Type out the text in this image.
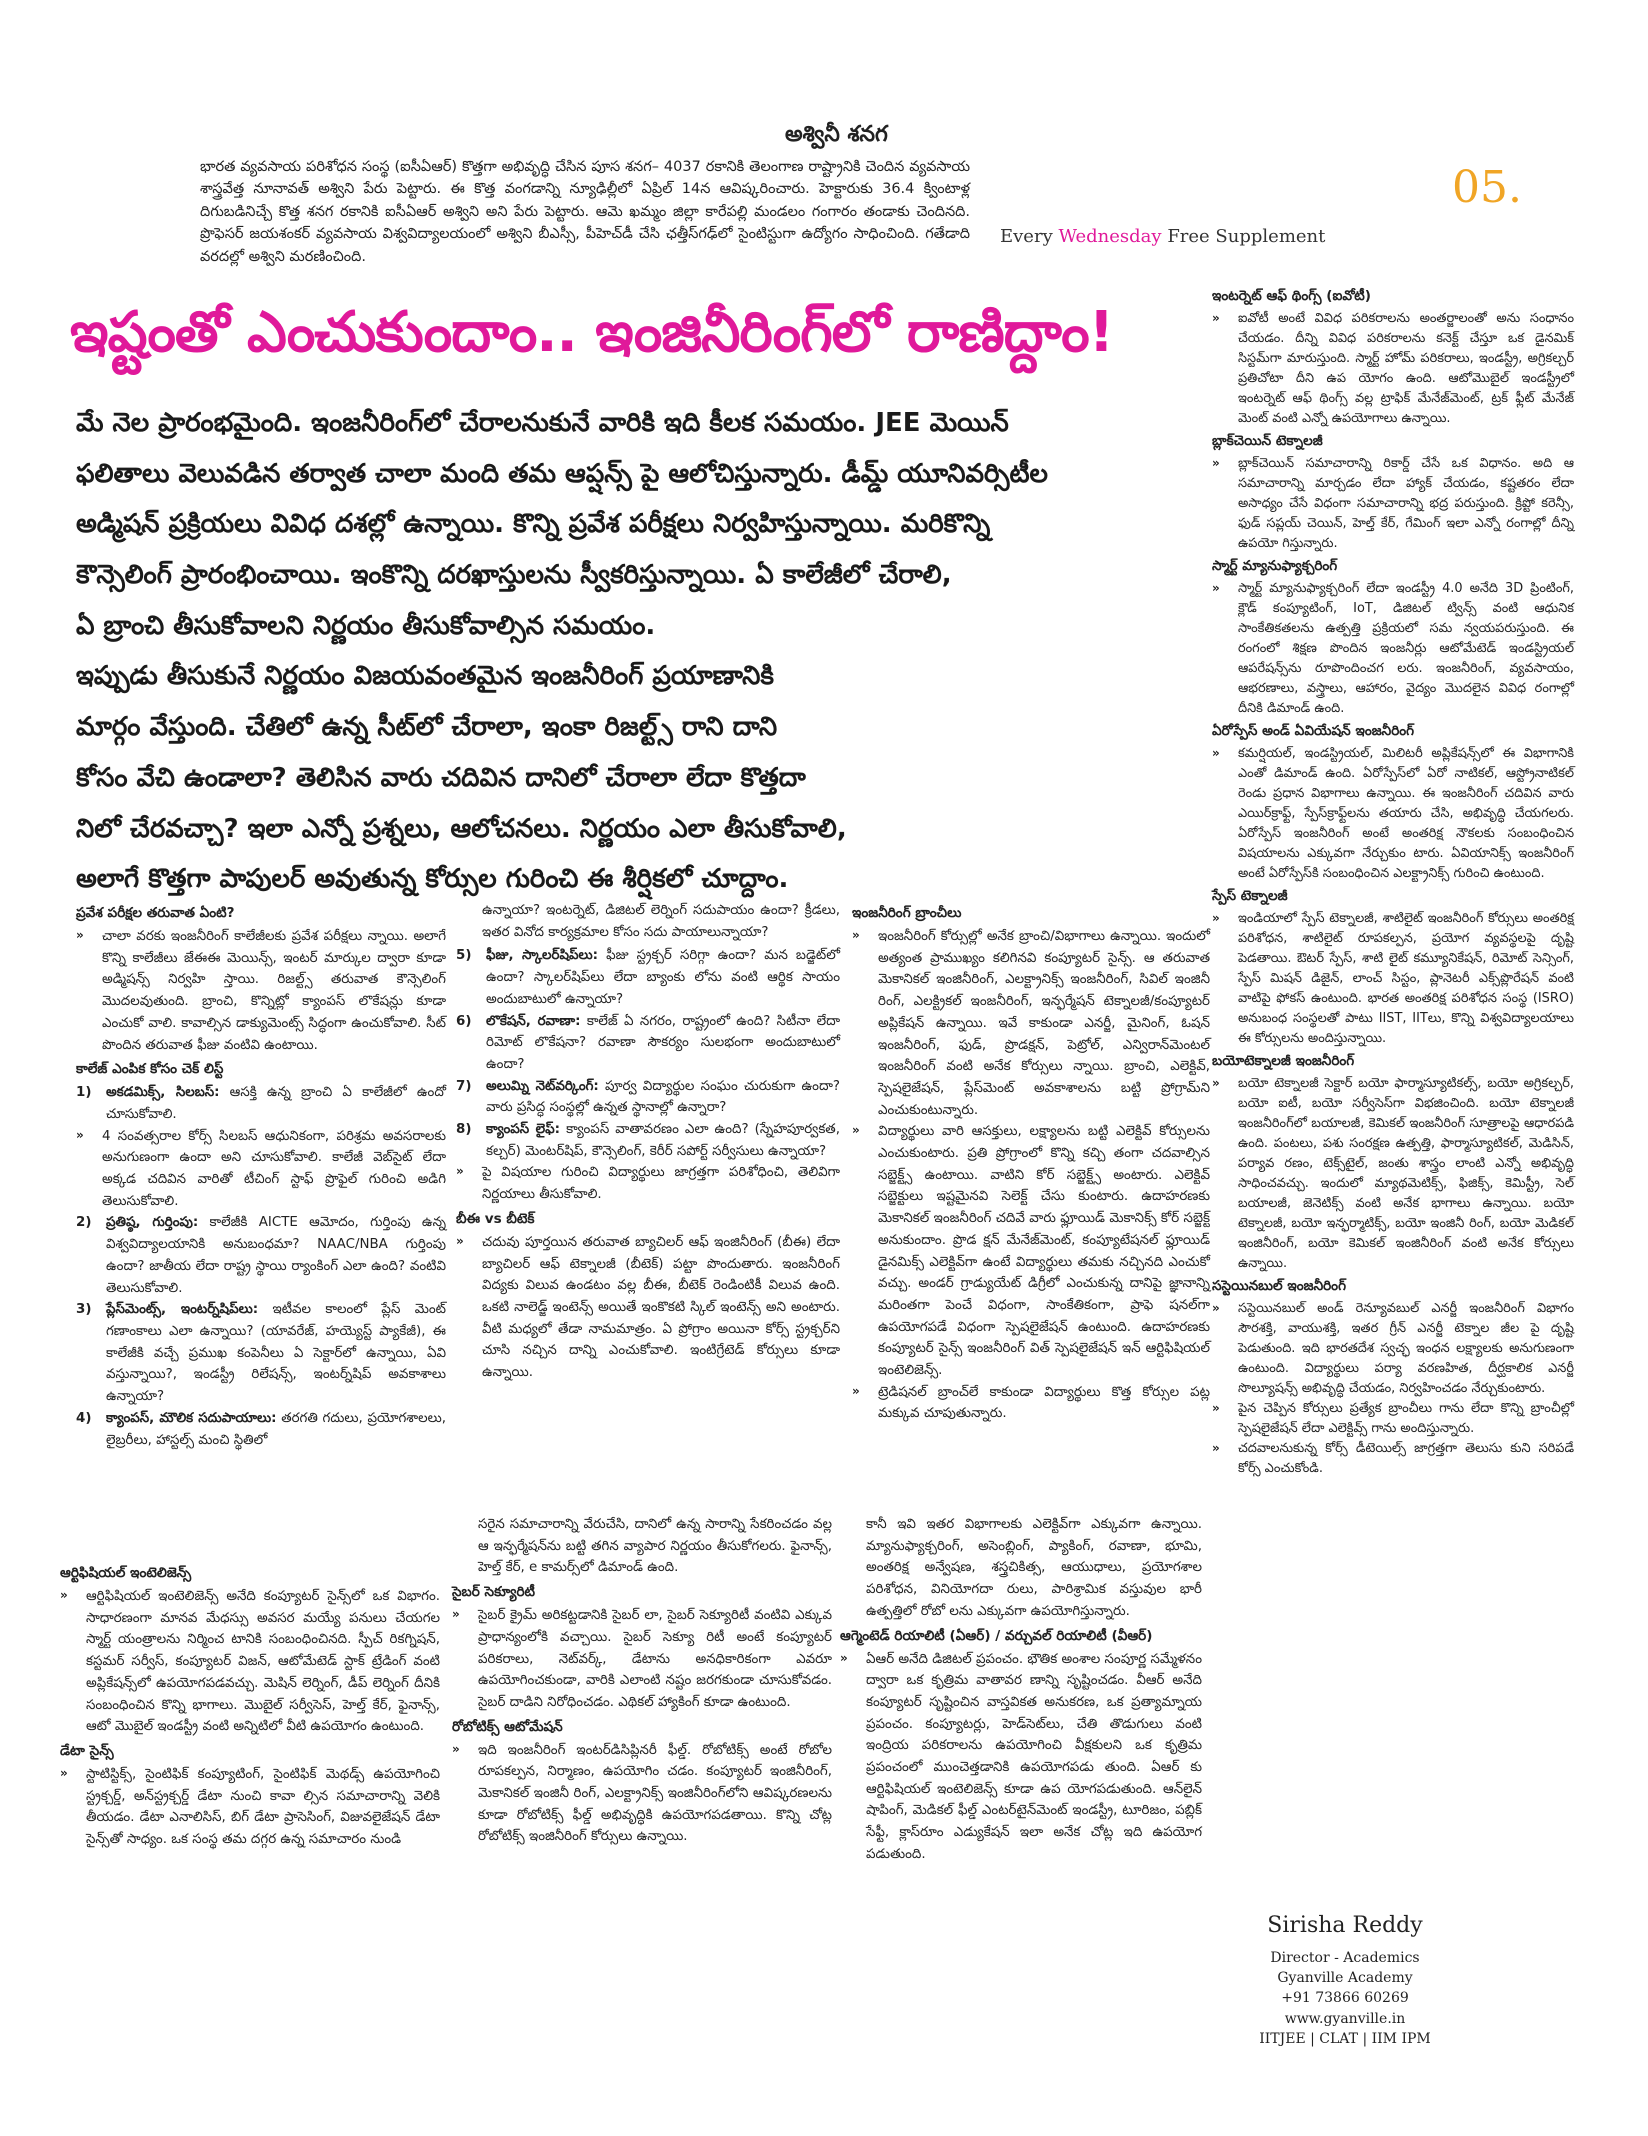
అశ్వినీ శనగ
భారత వ్యవసాయ పరిశోధన సంస్థ (ఐసీఏఆర్) కొత్తగా అభివృద్ధి చేసిన పూస శనగ– 4037 రకానికి తెలంగాణ రాష్ట్రానికి చెందిన వ్యవసాయ శాస్త్రవేత్త నూనావత్ అశ్విని పేరు పెట్టారు. ఈ కొత్త వంగడాన్ని న్యూఢిల్లీలో ఏప్రిల్ 14న ఆవిష్కరించారు. హెక్టారుకు 36.4 క్వింటాళ్ల దిగుబడినిచ్చే కొత్త శనగ రకానికి ఐసీఏఆర్ అశ్విని అని పేరు పెట్టారు. ఆమె ఖమ్మం జిల్లా కారేపల్లి మండలం గంగారం తండాకు చెందినది. ప్రొఫెసర్ జయశంకర్ వ్యవసాయ విశ్వవిద్యాలయంలో అశ్విని బీఎస్సీ, పీహెచ్‌డీ చేసి ఛత్తీస్‌గఢ్‌లో సైంటిస్టుగా ఉద్యోగం సాధించింది. గతేడాది వరదల్లో అశ్విని మరణించింది.
05.
Every Wednesday Free Supplement
ఇష్టంతో ఎంచుకుందాం.. ఇంజినీరింగ్‌లో రాణిద్దాం!
మే నెల ప్రారంభమైంది. ఇంజనీరింగ్‌లో చేరాలనుకునే వారికి ఇది కీలక సమయం. JEE మెయిన్
ఫలితాలు వెలువడిన తర్వాత చాలా మంది తమ ఆప్షన్స్ పై ఆలోచిస్తున్నారు. డీమ్డ్ యూనివర్సిటీల
అడ్మిషన్ ప్రక్రియలు వివిధ దశల్లో ఉన్నాయి. కొన్ని ప్రవేశ పరీక్షలు నిర్వహిస్తున్నాయి. మరికొన్ని
కౌన్సెలింగ్ ప్రారంభించాయి. ఇంకొన్ని దరఖాస్తులను స్వీకరిస్తున్నాయి. ఏ కాలేజీలో చేరాలి,
ఏ బ్రాంచి తీసుకోవాలని నిర్ణయం తీసుకోవాల్సిన సమయం.
ఇప్పుడు తీసుకునే నిర్ణయం విజయవంతమైన ఇంజనీరింగ్ ప్రయాణానికి
మార్గం వేస్తుంది. చేతిలో ఉన్న సీట్‌లో చేరాలా, ఇంకా రిజల్ట్స్ రాని దాని
కోసం వేచి ఉండాలా? తెలిసిన వారు చదివిన దానిలో చేరాలా లేదా కొత్తదా
నిలో చేరవచ్చా? ఇలా ఎన్నో ప్రశ్నలు, ఆలోచనలు. నిర్ణయం ఎలా తీసుకోవాలి,
అలాగే కొత్తగా పాపులర్ అవుతున్న కోర్సుల గురించి ఈ శీర్షికలో చూద్దాం.
ప్రవేశ పరీక్షల తరువాత ఏంటి?
»	చాలా వరకు ఇంజనీరింగ్ కాలేజీలకు ప్రవేశ పరీక్షలు న్నాయి. అలాగే కొన్ని కాలేజీలు జేఈఈ మెయిన్స్, ఇంటర్ మార్కుల ద్వారా కూడా అడ్మిషన్స్ నిర్వహి స్తాయి. రిజల్ట్స్ తరువాత కౌన్సెలింగ్ మొదలవుతుంది. బ్రాంచి, కొన్నిట్లో క్యాంపస్ లొకేషన్లు కూడా ఎంచుకో వాలి. కావాల్సిన డాక్యుమెంట్స్ సిద్ధంగా ఉంచుకోవాలి. సీట్ పొందిన తరువాత ఫీజు వంటివి ఉంటాయి.
కాలేజ్ ఎంపిక కోసం చెక్ లిస్ట్
1)	అకడమిక్స్, సిలబస్: ఆసక్తి ఉన్న బ్రాంచి ఏ కాలేజీలో ఉందో చూసుకోవాలి.
»	4 సంవత్సరాల కోర్స్ సిలబస్ ఆధునికంగా, పరిశ్రమ అవసరాలకు అనుగుణంగా ఉందా అని చూసుకోవాలి. కాలేజీ వెబ్‌సైట్ లేదా అక్కడ చదివిన వారితో టీచింగ్ స్టాఫ్ ప్రొఫైల్ గురించి అడిగి తెలుసుకోవాలి.
2)	ప్రతిష్ఠ, గుర్తింపు: కాలేజీకి AICTE ఆమోదం, గుర్తింపు ఉన్న విశ్వవిద్యాలయానికి అనుబంధమా? NAAC/NBA గుర్తింపు ఉందా? జాతీయ లేదా రాష్ట్ర స్థాయి ర్యాంకింగ్ ఎలా ఉంది? వంటివి తెలుసుకోవాలి.
3)	ప్లేస్‌మెంట్స్, ఇంటర్న్‌షిప్‌లు: ఇటీవల కాలంలో ప్లేస్ మెంట్ గణాంకాలు ఎలా ఉన్నాయి? (యావరేజ్, హయ్యెస్ట్ ప్యాకేజీ), ఈ కాలేజీకి వచ్చే ప్రముఖ కంపెనీలు ఏ సెక్టార్‌లో ఉన్నాయి, ఏవి వస్తున్నాయి?, ఇండస్ట్రీ రిలేషన్స్, ఇంటర్న్‌షిప్ అవకాశాలు ఉన్నాయా?
4)	క్యాంపస్, మౌలిక సదుపాయాలు: తరగతి గదులు, ప్రయోగశాలలు, లైబ్రరీలు, హాస్టల్స్ మంచి స్థితిలో

ఉన్నాయా? ఇంటర్నెట్, డిజిటల్ లెర్నింగ్ సదుపాయం ఉందా? క్రీడలు, ఇతర వినోద కార్యక్రమాల కోసం సదు పాయాలున్నాయా?

5)	ఫీజు, స్కాలర్‌షిప్‌లు: ఫీజు స్ట్రక్చర్ సరిగ్గా ఉందా? మన బడ్జెట్‌లో ఉందా? స్కాలర్‌షిప్‌లు లేదా బ్యాంకు లోను వంటి ఆర్థిక సాయం అందుబాటులో ఉన్నాయా?
6)	లొకేషన్, రవాణా: కాలేజ్ ఏ నగరం, రాష్ట్రంలో ఉంది? సిటీనా లేదా రిమోట్ లొకేషనా? రవాణా సౌకర్యం సులభంగా అందుబాటులో ఉందా?
7)	అలుమ్ని నెట్‌వర్కింగ్: పూర్వ విద్యార్థుల సంఘం చురుకుగా ఉందా? వారు ప్రసిద్ధ సంస్థల్లో ఉన్నత స్థానాల్లో ఉన్నారా?
8)	క్యాంపస్ లైఫ్: క్యాంపస్ వాతావరణం ఎలా ఉంది? (స్నేహపూర్వకత, కల్చర్) మెంటర్‌షిప్, కౌన్సెలింగ్, కెరీర్ సపోర్ట్ సర్వీసులు ఉన్నాయా?
»	పై విషయాల గురించి విద్యార్థులు జాగ్రత్తగా పరిశోధించి, తెలివిగా నిర్ణయాలు తీసుకోవాలి.
బీఈ vs బీటెక్
»	చదువు పూర్తయిన తరువాత బ్యాచిలర్ ఆఫ్ ఇంజినీరింగ్ (బీఈ) లేదా బ్యాచిలర్ ఆఫ్ టెక్నాలజీ (బీటెక్) పట్టా పొందుతారు. ఇంజనీరింగ్ విద్యకు విలువ ఉండటం వల్ల బీఈ, బీటెక్ రెండింటికీ విలువ ఉంది. ఒకటి నాలెడ్జ్ ఇంటెన్స్ అయితే ఇంకొకటి స్కిల్ ఇంటెన్స్ అని అంటారు. వీటి మధ్యలో తేడా నామమాత్రం. ఏ ప్రోగ్రాం అయినా కోర్స్ స్ట్రక్చర్‌ని చూసి నచ్చిన దాన్ని ఎంచుకోవాలి. ఇంటిగ్రేటెడ్ కోర్సులు కూడా ఉన్నాయి.
ఇంజనీరింగ్ బ్రాంచీలు
»	ఇంజనీరింగ్ కోర్సుల్లో అనేక బ్రాంచి/విభాగాలు ఉన్నాయి. ఇందులో అత్యంత ప్రాముఖ్యం కలిగినవి కంప్యూటర్ సైన్స్. ఆ తరువాత మెకానికల్ ఇంజినీరింగ్, ఎలక్ట్రానిక్స్ ఇంజనీరింగ్, సివిల్ ఇంజినీ రింగ్, ఎలక్ట్రికల్ ఇంజనీరింగ్, ఇన్ఫర్మేషన్ టెక్నాలజీ/కంప్యూటర్ అప్లికేషన్ ఉన్నాయి. ఇవే కాకుండా ఎనర్జీ, మైనింగ్, ఓషన్ ఇంజనీరింగ్, ఫుడ్, ప్రొడక్షన్, పెట్రోల్, ఎన్విరాన్‌మెంటల్ ఇంజనీరింగ్ వంటి అనేక కోర్సులు న్నాయి. బ్రాంచి, ఎలెక్టివ్, స్పెషలైజేషన్, ప్లేస్‌మెంట్ అవకాశాలను బట్టి ప్రోగ్రామ్‌ని ఎంచుకుంటున్నారు.
»	విద్యార్థులు వారి ఆసక్తులు, లక్ష్యాలను బట్టి ఎలెక్టివ్ కోర్సులను ఎంచుకుంటారు. ప్రతి ప్రోగ్రాంలో కొన్ని కచ్చి తంగా చదవాల్సిన సబ్జెక్ట్స్ ఉంటాయి. వాటిని కోర్ సబ్జెక్ట్స్ అంటారు. ఎలెక్టివ్ సబ్జెక్టులు ఇష్టమైనవి సెలెక్ట్ చేసు కుంటారు. ఉదాహరణకు మెకానికల్ ఇంజనీరింగ్ చదివే వారు ఫ్లూయిడ్ మెకానిక్స్ కోర్ సబ్జెక్ట్ అనుకుందాం. ప్రొడ క్షన్ మేనేజ్‌మెంట్, కంప్యూటేషనల్ ఫ్లూయిడ్ డైనమిక్స్ ఎలెక్టివ్‌గా ఉంటే విద్యార్థులు తమకు నచ్చినది ఎంచుకో వచ్చు. అండర్ గ్రాడ్యుయేట్ డిగ్రీలో ఎంచుకున్న దానిపై జ్ఞానాన్ని మరింతగా పెంచే విధంగా, సాంకేతికంగా, ప్రాఫె షనల్‌గా ఉపయోగపడే విధంగా స్పెషలైజేషన్ ఉంటుంది. ఉదాహరణకు కంప్యూటర్ సైన్స్ ఇంజనీరింగ్ విత్ స్పెషలైజేషన్ ఇన్ ఆర్టిఫిషియల్ ఇంటెలిజెన్స్.
»	ట్రెడిషనల్ బ్రాంచ్‌లే కాకుండా విద్యార్థులు కొత్త కోర్సుల పట్ల మక్కువ చూపుతున్నారు.
ఇంటర్నెట్ ఆఫ్ థింగ్స్ (ఐవోటీ)
»	ఐవోటీ అంటే వివిధ పరికరాలను అంతర్జాలంతో అను సంధానం చేయడం. దీన్ని వివిధ పరికరాలను కనెక్ట్ చేస్తూ ఒక డైనమిక్ సిస్టమ్‌గా మారుస్తుంది. స్మార్ట్ హోమ్ పరికరాలు, ఇండస్ట్రీ, అగ్రికల్చర్ ప్రతిచోటా దీని ఉప యోగం ఉంది. ఆటోమొబైల్ ఇండస్ట్రీలో ఇంటర్నెట్ ఆఫ్ థింగ్స్ వల్ల ట్రాఫిక్ మేనేజ్‌మెంట్, ట్రక్ ఫ్లీట్ మేనేజ్ మెంట్ వంటి ఎన్నో ఉపయోగాలు ఉన్నాయి.
బ్లాక్‌చెయిన్ టెక్నాలజీ
»	బ్లాక్‌చెయిన్ సమాచారాన్ని రికార్డ్ చేసే ఒక విధానం. అది ఆ సమాచారాన్ని మార్చడం లేదా హ్యాక్ చేయడం, కష్టతరం లేదా అసాధ్యం చేసే విధంగా సమాచారాన్ని భద్ర పరుస్తుంది. క్రిప్టో కరెన్సీ, ఫుడ్ సప్లయ్ చెయిన్, హెల్త్ కేర్, గేమింగ్ ఇలా ఎన్నో రంగాల్లో దీన్ని ఉపయో గిస్తున్నారు.
స్మార్ట్ మ్యానుఫ్యాక్చరింగ్
»	స్మార్ట్ మ్యానుఫ్యాక్చరింగ్ లేదా ఇండస్ట్రీ 4.0 అనేది 3D ప్రింటింగ్, క్లౌడ్ కంప్యూటింగ్, IoT, డిజిటల్ ట్విన్స్ వంటి ఆధునిక సాంకేతికతలను ఉత్పత్తి ప్రక్రియలో సమ న్వయపరుస్తుంది. ఈ రంగంలో శిక్షణ పొందిన ఇంజనీర్లు ఆటోమేటెడ్ ఇండస్ట్రియల్ ఆపరేషన్స్‌ను రూపొందించగ లరు. ఇంజనీరింగ్, వ్యవసాయం, ఆభరణాలు, వస్త్రాలు, ఆహారం, వైద్యం మొదలైన వివిధ రంగాల్లో దీనికి డిమాండ్ ఉంది.
ఏరోస్పేస్ అండ్ ఏవియేషన్ ఇంజనీరింగ్
»	కమర్షియల్, ఇండస్ట్రియల్, మిలిటరీ అప్లికేషన్స్‌లో ఈ విభాగానికి ఎంతో డిమాండ్ ఉంది. ఏరోస్పేస్‌లో ఏరో నాటికల్, ఆస్ట్రోనాటికల్ రెండు ప్రధాన విభాగాలు ఉన్నాయి. ఈ ఇంజనీరింగ్ చదివిన వారు ఎయిర్‌క్రాఫ్ట్, స్పేస్‌క్రాఫ్ట్‌లను తయారు చేసి, అభివృద్ధి చేయగలరు. ఏరోస్పేస్ ఇంజనీరింగ్ అంటే అంతరిక్ష నౌకలకు సంబంధించిన విషయాలను ఎక్కువగా నేర్చుకుం టారు. ఏవియానిక్స్ ఇంజనీరింగ్ అంటే ఏరోస్పేస్‌కి సంబంధించిన ఎలక్ట్రానిక్స్ గురించి ఉంటుంది.
స్పేస్ టెక్నాలజీ
»	ఇండియాలో స్పేస్ టెక్నాలజీ, శాటిలైట్ ఇంజనీరింగ్ కోర్సులు అంతరిక్ష పరిశోధన, శాటిలైట్ రూపకల్పన, ప్రయోగ వ్యవస్థలపై దృష్టి పెడతాయి. ఔటర్ స్పేస్, శాటి లైట్ కమ్యూనికేషన్, రిమోట్ సెన్సింగ్, స్పేస్ మిషన్ డిజైన్, లాంచ్ సిస్టం, ప్లానెటరీ ఎక్స్‌ప్లొరేషన్ వంటి వాటిపై ఫోకస్ ఉంటుంది. భారత అంతరిక్ష పరిశోధన సంస్థ (ISRO) అనుబంధ సంస్థలతో పాటు IIST, IITలు, కొన్ని విశ్వవిద్యాలయాలు ఈ కోర్సులను అందిస్తున్నాయి.
బయోటెక్నాలజీ ఇంజనీరింగ్
»	బయో టెక్నాలజీ సెక్టార్ బయో ఫార్మాస్యూటికల్స్, బయో అగ్రికల్చర్, బయో ఐటీ, బయో సర్వీసెస్‌గా విభజించింది. బయో టెక్నాలజీ ఇంజనీరింగ్‌లో బయాలజీ, కెమికల్ ఇంజనీరింగ్ సూత్రాలపై ఆధారపడి ఉంది. పంటలు, పశు సంరక్షణ ఉత్పత్తి, ఫార్మాస్యూటికల్, మెడిసిన్, పర్యావ రణం, టెక్స్‌టైల్, జంతు శాస్త్రం లాంటి ఎన్నో అభివృద్ధి సాధించవచ్చు. ఇందులో మ్యాథమెటిక్స్, ఫిజిక్స్, కెమిస్ట్రీ, సెల్ బయాలజీ, జెనెటిక్స్ వంటి అనేక భాగాలు ఉన్నాయి. బయో టెక్నాలజీ, బయో ఇన్ఫర్మాటిక్స్, బయో ఇంజినీ రింగ్, బయో మెడికల్ ఇంజినీరింగ్, బయో కెమికల్ ఇంజినీరింగ్ వంటి అనేక కోర్సులు ఉన్నాయి.
సస్టెయినబుల్ ఇంజనీరింగ్
»	సస్టెయినబుల్ అండ్ రెన్యూవబుల్ ఎనర్జీ ఇంజనీరింగ్ విభాగం సౌరశక్తి, వాయుశక్తి, ఇతర గ్రీన్ ఎనర్జీ టెక్నాల జీల పై దృష్టి పెడుతుంది. ఇది భారతదేశ స్వచ్ఛ ఇంధన లక్ష్యాలకు అనుగుణంగా ఉంటుంది. విద్యార్థులు పర్యా వరణహిత, దీర్ఘకాలిక ఎనర్జీ సొల్యూషన్స్ అభివృద్ధి చేయడం, నిర్వహించడం నేర్చుకుంటారు.
»	పైన చెప్పిన కోర్సులు ప్రత్యేక బ్రాంచీలు గాను లేదా కొన్ని బ్రాంచీల్లో స్పెషలైజేషన్ లేదా ఎలెక్టివ్స్ గాను అందిస్తున్నారు.
»	చదవాలనుకున్న కోర్స్ డీటెయిల్స్ జాగ్రత్తగా తెలుసు కుని సరిపడే కోర్స్ ఎంచుకోండి.
ఆర్టిఫిషియల్ ఇంటెలిజెన్స్
»	ఆర్టిఫిషియల్ ఇంటెలిజెన్స్ అనేది కంప్యూటర్ సైన్స్‌లో ఒక విభాగం. సాధారణంగా మానవ మేధస్సు అవసర మయ్యే పనులు చేయగల స్మార్ట్ యంత్రాలను నిర్మించ టానికి సంబంధించినది. స్పీచ్ రికగ్నిషన్, కస్టమర్ సర్వీస్, కంప్యూటర్ విజన్, ఆటోమేటెడ్ స్టాక్ ట్రేడింగ్ వంటి అప్లికేషన్స్‌లో ఉపయోగపడవచ్చు. మెషిన్ లెర్నింగ్, డీప్ లెర్నింగ్ దీనికి సంబంధించిన కొన్ని భాగాలు. మొబైల్ సర్వీసెస్, హెల్త్ కేర్, ఫైనాన్స్, ఆటో మొబైల్ ఇండస్ట్రీ వంటి అన్నిటిలో వీటి ఉపయోగం ఉంటుంది.
డేటా సైన్స్
»	స్టాటిస్టిక్స్, సైంటిఫిక్ కంప్యూటింగ్, సైంటిఫిక్ మెథడ్స్ ఉపయోగించి స్ట్రక్చర్డ్, అన్‌స్ట్రక్చర్డ్ డేటా నుంచి కావా ల్సిన సమాచారాన్ని వెలికి తీయడం. డేటా ఎనాలిసిస్, బిగ్ డేటా ప్రాసెసింగ్, విజువలైజేషన్ డేటా సైన్స్‌తో సాధ్యం. ఒక సంస్థ తమ దగ్గర ఉన్న సమాచారం నుండి

సరైన సమాచారాన్ని వేరుచేసి, దానిలో ఉన్న సారాన్ని సేకరించడం వల్ల ఆ ఇన్ఫర్మేషన్‌ను బట్టి తగిన వ్యాపార నిర్ణయం తీసుకోగలరు. ఫైనాన్స్, హెల్త్ కేర్, e కామర్స్‌లో డిమాండ్ ఉంది.

సైబర్ సెక్యూరిటీ
»	సైబర్ క్రైమ్ అరికట్టడానికి సైబర్ లా, సైబర్ సెక్యూరిటీ వంటివి ఎక్కువ ప్రాధాన్యంలోకి వచ్చాయి. సైబర్ సెక్యూ రిటీ అంటే కంప్యూటర్ పరికరాలు, నెట్‌వర్క్, డేటాను అనధికారికంగా ఎవరూ ఉపయోగించకుండా, వారికి ఎలాంటి నష్టం జరగకుండా చూసుకోవడం. సైబర్ దాడిని నిరోధించడం. ఎథికల్ హ్యాకింగ్ కూడా ఉంటుంది.
రోబోటిక్స్ ఆటోమేషన్
»	ఇది ఇంజనీరింగ్ ఇంటర్‌డిసిప్లినరీ ఫీల్డ్. రోబోటిక్స్ అంటే రోబోల రూపకల్పన, నిర్మాణం, ఉపయోగిం చడం. కంప్యూటర్ ఇంజినీరింగ్, మెకానికల్ ఇంజినీ రింగ్, ఎలక్ట్రానిక్స్ ఇంజినీరింగ్‌లోని ఆవిష్కరణలను కూడా రోబోటిక్స్ ఫీల్డ్ అభివృద్ధికి ఉపయోగపడతాయి. కొన్ని చోట్ల రోబోటిక్స్ ఇంజినీరింగ్ కోర్సులు ఉన్నాయి.

కానీ ఇవి ఇతర విభాగాలకు ఎలెక్టివ్‌గా ఎక్కువగా ఉన్నాయి. మ్యానుఫ్యాక్చరింగ్, అసెంబ్లింగ్, ప్యాకింగ్, రవాణా, భూమి, అంతరిక్ష అన్వేషణ, శస్త్రచికిత్స, ఆయుధాలు, ప్రయోగశాల పరిశోధన, వినియోగదా రులు, పారిశ్రామిక వస్తువుల భారీ ఉత్పత్తిలో రోబో లను ఎక్కువగా ఉపయోగిస్తున్నారు.

ఆగ్మెంటెడ్ రియాలిటీ (ఏఆర్) / వర్చువల్ రియాలిటీ (వీఆర్)
»	ఏఆర్ అనేది డిజిటల్ ప్రపంచం. భౌతిక అంశాల సంపూర్ణ సమ్మేళనం ద్వారా ఒక కృత్రిమ వాతావర ణాన్ని సృష్టించడం. వీఆర్ అనేది కంప్యూటర్ సృష్టించిన వాస్తవికత అనుకరణ, ఒక ప్రత్యామ్నాయ ప్రపంచం. కంప్యూటర్లు, హెడ్‌సెట్‌లు, చేతి తొడుగులు వంటి ఇంద్రియ పరికరాలను ఉపయోగించి వీక్షకులని ఒక కృత్రిమ ప్రపంచంలో ముంచెత్తడానికి ఉపయోగపడు తుంది. ఏఆర్ కు ఆర్టిఫిషియల్ ఇంటెలిజెన్స్ కూడా ఉప యోగపడుతుంది. ఆన్‌లైన్ షాపింగ్, మెడికల్ ఫీల్డ్ ఎంటర్‌టైన్‌మెంట్ ఇండస్ట్రీ, టూరిజం, పబ్లిక్ సేఫ్టీ, క్లాస్‌రూం ఎడ్యుకేషన్ ఇలా అనేక చోట్ల ఇది ఉపయోగ పడుతుంది.
Sirisha Reddy
Director - Academics
Gyanville Academy
+91 73866 60269
www.gyanville.in
IITJEE | CLAT | IIM IPM
